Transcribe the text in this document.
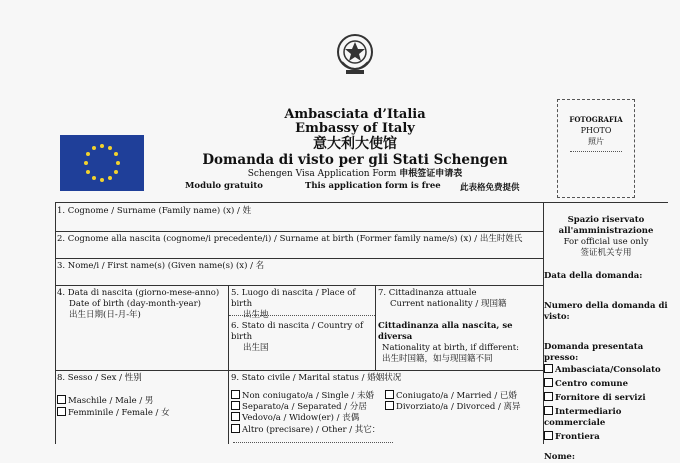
Ambasciata d’Italia
Embassy of Italy
意大利大使馆
Domanda di visto per gli Stati Schengen
Schengen Visa Application Form 申根签证申请表
Modulo gratuito	This application form is free 此表格免费提供
FOTOGRAFIA
PHOTO
照片
1. Cognome / Surname (Family name) (x) / 姓
2. Cognome alla nascita (cognome/i precedente/i) / Surname at birth (Former family name/s) (x) / 出生时姓氏
3. Nome/i / First name(s) (Given name(s) (x) / 名
4. Data di nascita (giorno-mese-anno)
Date of birth (day-month-year)
出生日期(日-月-年)
5. Luogo di nascita / Place of birth
出生地
6. Stato di nascita / Country of birth
出生国
7. Cittadinanza attuale
Current nationality / 现国籍
Cittadinanza alla nascita, se diversa
Nationality at birth, if different:
出生时国籍，如与现国籍不同
8. Sesso / Sex / 性别
Maschile / Male / 男
Femminile / Female / 女
9. Stato civile / Marital status / 婚姻状况
Non coniugato/a / Single / 未婚	Coniugato/a / Married / 已婚
Separato/a / Separated / 分居	Divorziato/a / Divorced / 离异
Vedovo/a / Widow(er) / 丧偶
Altro (precisare) / Other / 其它：
Spazio riservato
all'amministrazione
For official use only
签证机关专用
Data della domanda:
Numero della domanda di visto:
Domanda presentata presso:
Ambasciata/Consolato
Centro comune
Fornitore di servizi
Intermediario commerciale
Frontiera
Nome:
